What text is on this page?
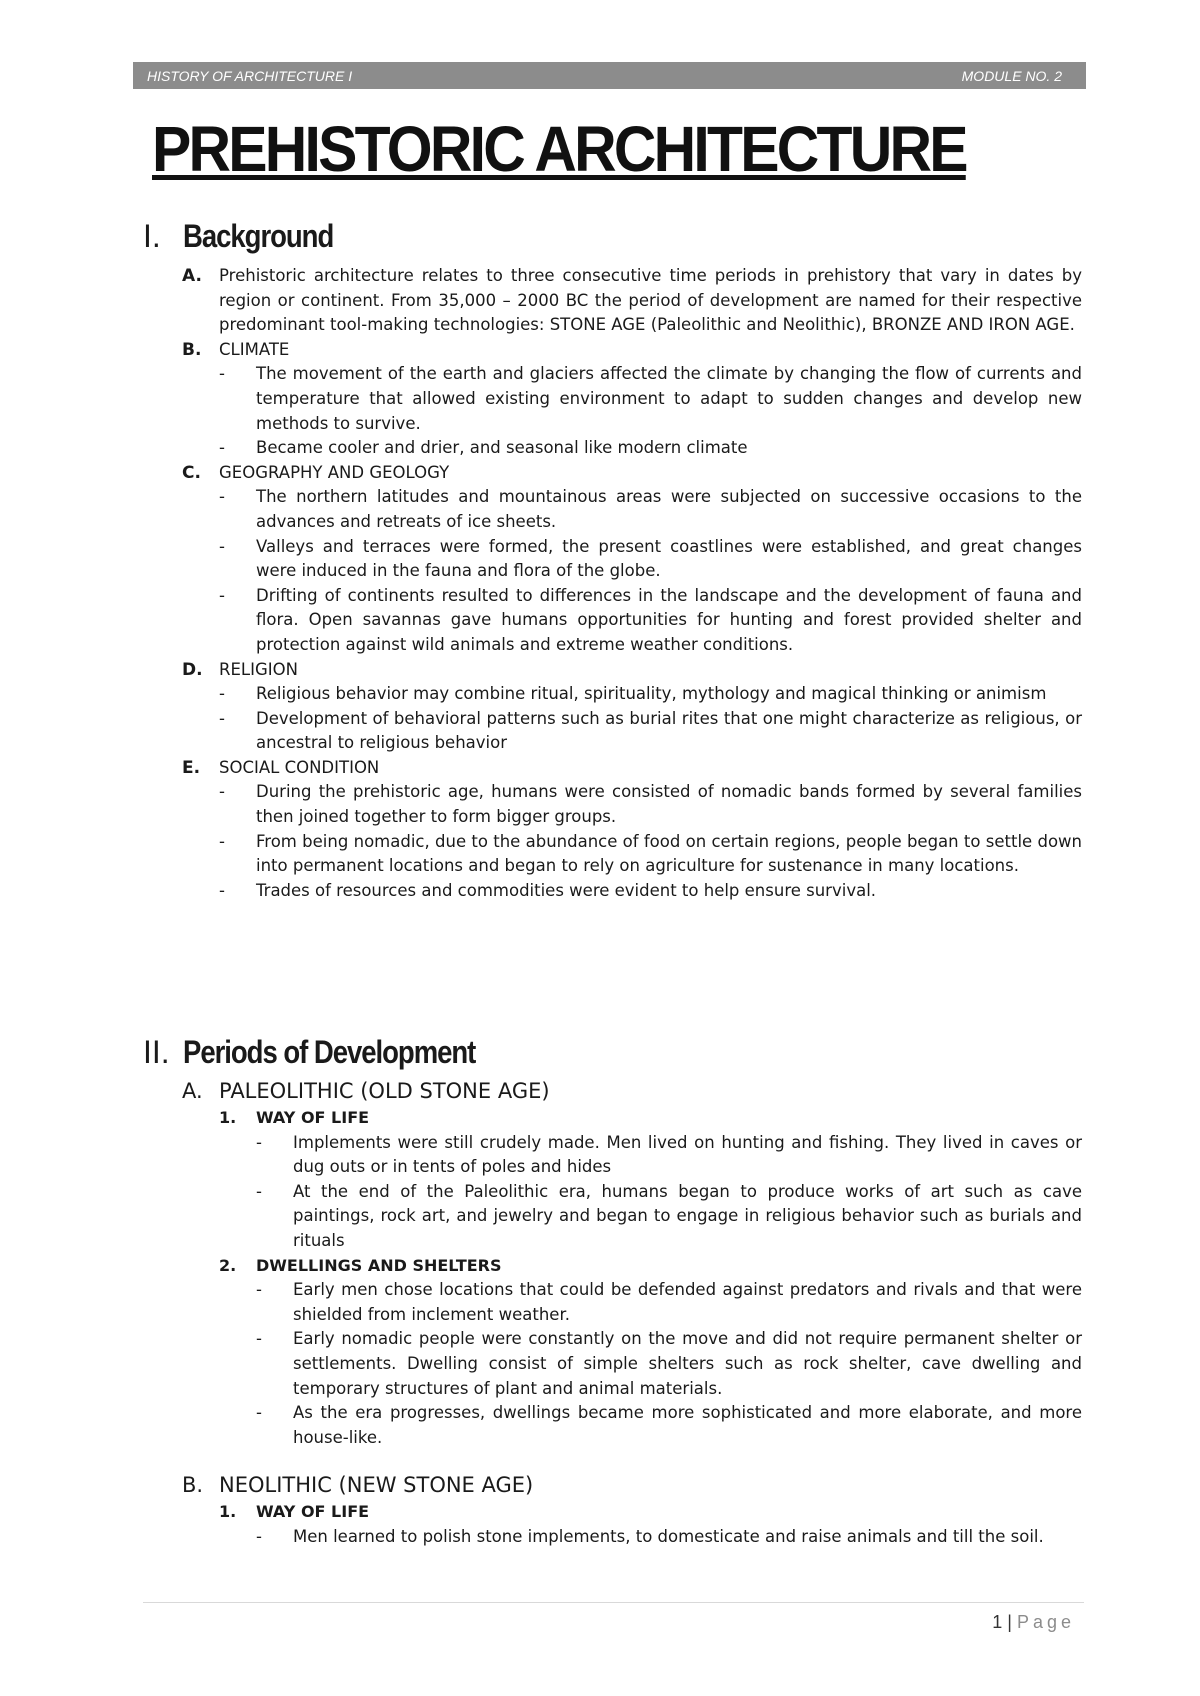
HISTORY OF ARCHITECTURE I	MODULE NO. 2
PREHISTORIC ARCHITECTURE
I. Background
A. Prehistoric architecture relates to three consecutive time periods in prehistory that vary in dates by region or continent. From 35,000 – 2000 BC the period of development are named for their respective predominant tool-making technologies: STONE AGE (Paleolithic and Neolithic), BRONZE AND IRON AGE.
B. CLIMATE
- The movement of the earth and glaciers affected the climate by changing the flow of currents and temperature that allowed existing environment to adapt to sudden changes and develop new methods to survive.
- Became cooler and drier, and seasonal like modern climate
C. GEOGRAPHY AND GEOLOGY
- The northern latitudes and mountainous areas were subjected on successive occasions to the advances and retreats of ice sheets.
- Valleys and terraces were formed, the present coastlines were established, and great changes were induced in the fauna and flora of the globe.
- Drifting of continents resulted to differences in the landscape and the development of fauna and flora. Open savannas gave humans opportunities for hunting and forest provided shelter and protection against wild animals and extreme weather conditions.
D. RELIGION
- Religious behavior may combine ritual, spirituality, mythology and magical thinking or animism
- Development of behavioral patterns such as burial rites that one might characterize as religious, or ancestral to religious behavior
E. SOCIAL CONDITION
- During the prehistoric age, humans were consisted of nomadic bands formed by several families then joined together to form bigger groups.
- From being nomadic, due to the abundance of food on certain regions, people began to settle down into permanent locations and began to rely on agriculture for sustenance in many locations.
- Trades of resources and commodities were evident to help ensure survival.
II. Periods of Development
A. PALEOLITHIC (OLD STONE AGE)
1. WAY OF LIFE
- Implements were still crudely made. Men lived on hunting and fishing. They lived in caves or dug outs or in tents of poles and hides
- At the end of the Paleolithic era, humans began to produce works of art such as cave paintings, rock art, and jewelry and began to engage in religious behavior such as burials and rituals
2. DWELLINGS AND SHELTERS
- Early men chose locations that could be defended against predators and rivals and that were shielded from inclement weather.
- Early nomadic people were constantly on the move and did not require permanent shelter or settlements. Dwelling consist of simple shelters such as rock shelter, cave dwelling and temporary structures of plant and animal materials.
- As the era progresses, dwellings became more sophisticated and more elaborate, and more house-like.
B. NEOLITHIC (NEW STONE AGE)
1. WAY OF LIFE
- Men learned to polish stone implements, to domesticate and raise animals and till the soil.
1 | Page
